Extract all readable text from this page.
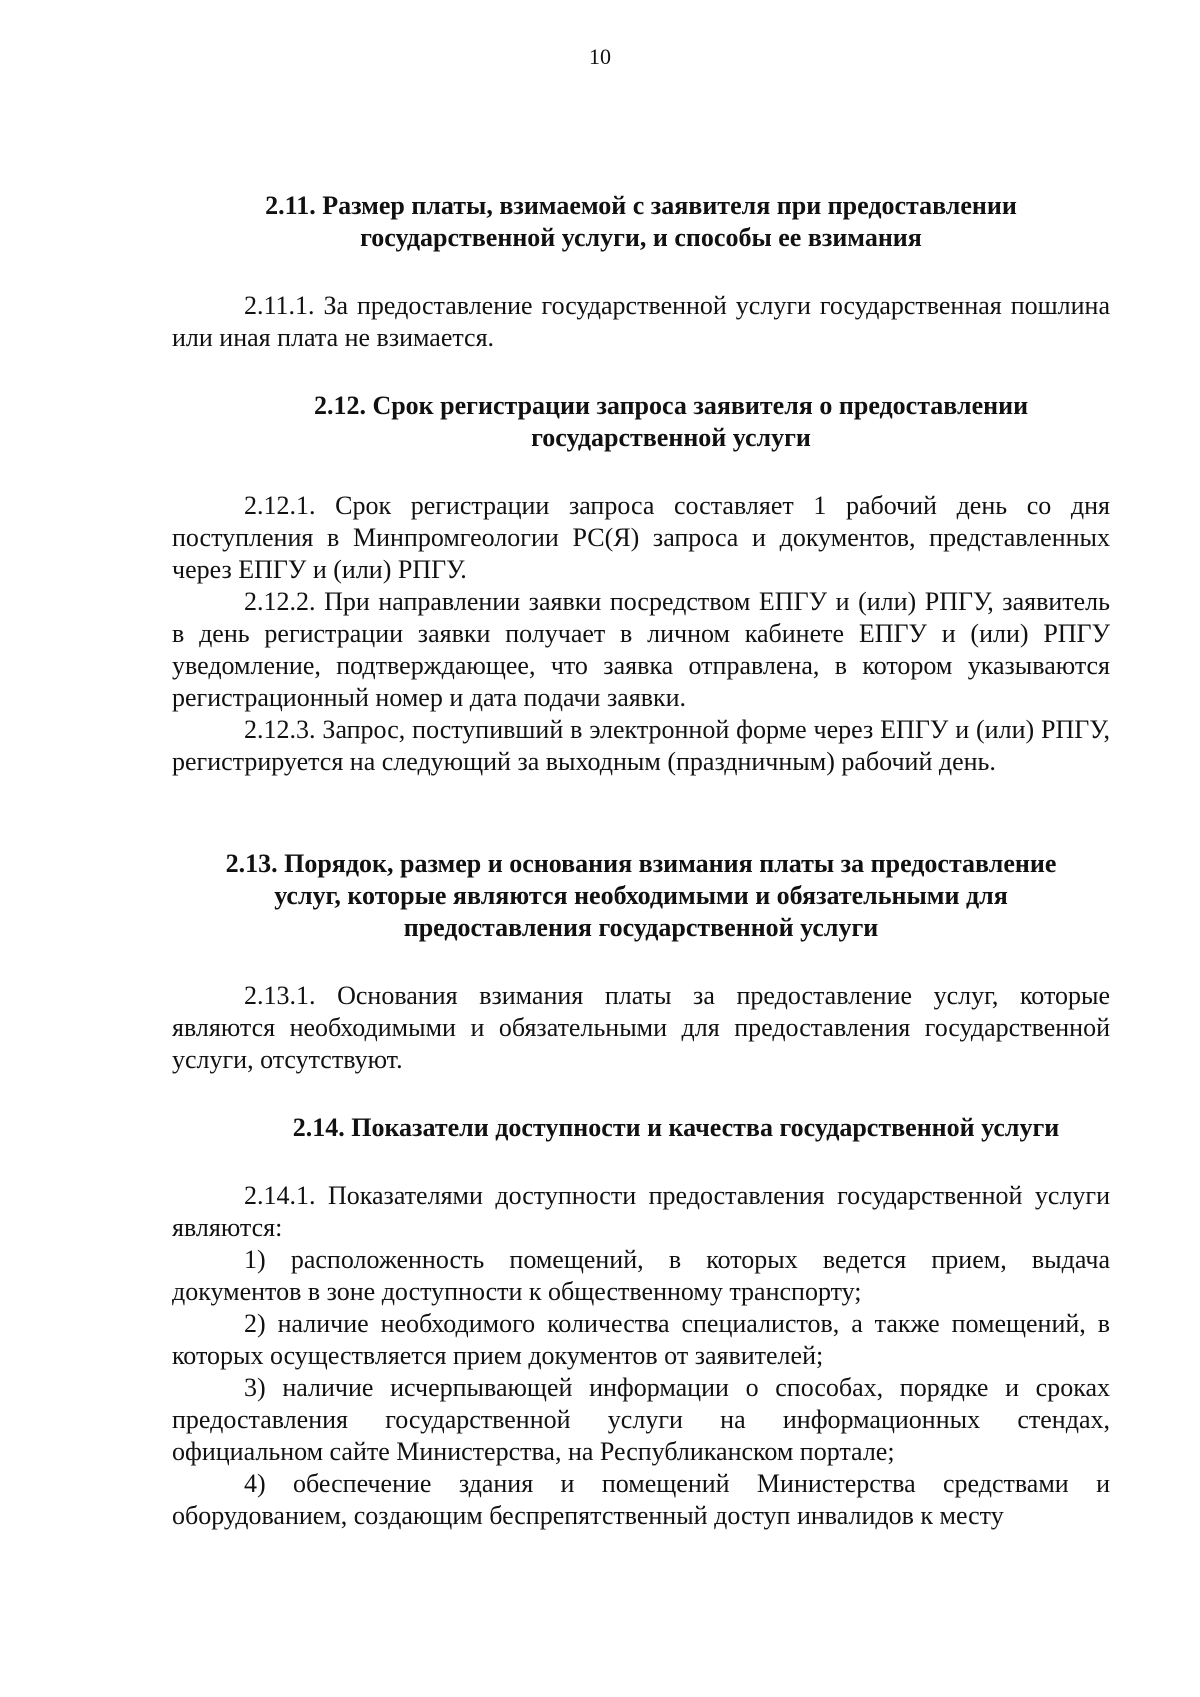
10
2.11. Размер платы, взимаемой с заявителя при предоставлении
государственной услуги, и способы ее взимания

2.11.1. За предоставление государственной услуги государственная пошлина или иная плата не взимается.

2.12. Срок регистрации запроса заявителя о предоставлении
государственной услуги

2.12.1. Срок регистрации запроса составляет 1 рабочий день со дня поступления в Минпромгеологии РС(Я) запроса и документов, представленных через ЕПГУ и (или) РПГУ.

2.12.2. При направлении заявки посредством ЕПГУ и (или) РПГУ, заявитель в день регистрации заявки получает в личном кабинете ЕПГУ и (или) РПГУ уведомление, подтверждающее, что заявка отправлена, в котором указываются регистрационный номер и дата подачи заявки.

2.12.3. Запрос, поступивший в электронной форме через ЕПГУ и (или) РПГУ, регистрируется на следующий за выходным (праздничным) рабочий день.

2.13. Порядок, размер и основания взимания платы за предоставление
услуг, которые являются необходимыми и обязательными для
предоставления государственной услуги

2.13.1. Основания взимания платы за предоставление услуг, которые являются необходимыми и обязательными для предоставления государственной услуги, отсутствуют.

2.14. Показатели доступности и качества государственной услуги

2.14.1. Показателями доступности предоставления государственной услуги являются:

1) расположенность помещений, в которых ведется прием, выдача документов в зоне доступности к общественному транспорту;

2) наличие необходимого количества специалистов, а также помещений, в которых осуществляется прием документов от заявителей;

3) наличие исчерпывающей информации о способах, порядке и сроках предоставления государственной услуги на информационных стендах, официальном сайте Министерства, на Республиканском портале;

4) обеспечение здания и помещений Министерства средствами и оборудованием, создающим беспрепятственный доступ инвалидов к месту
